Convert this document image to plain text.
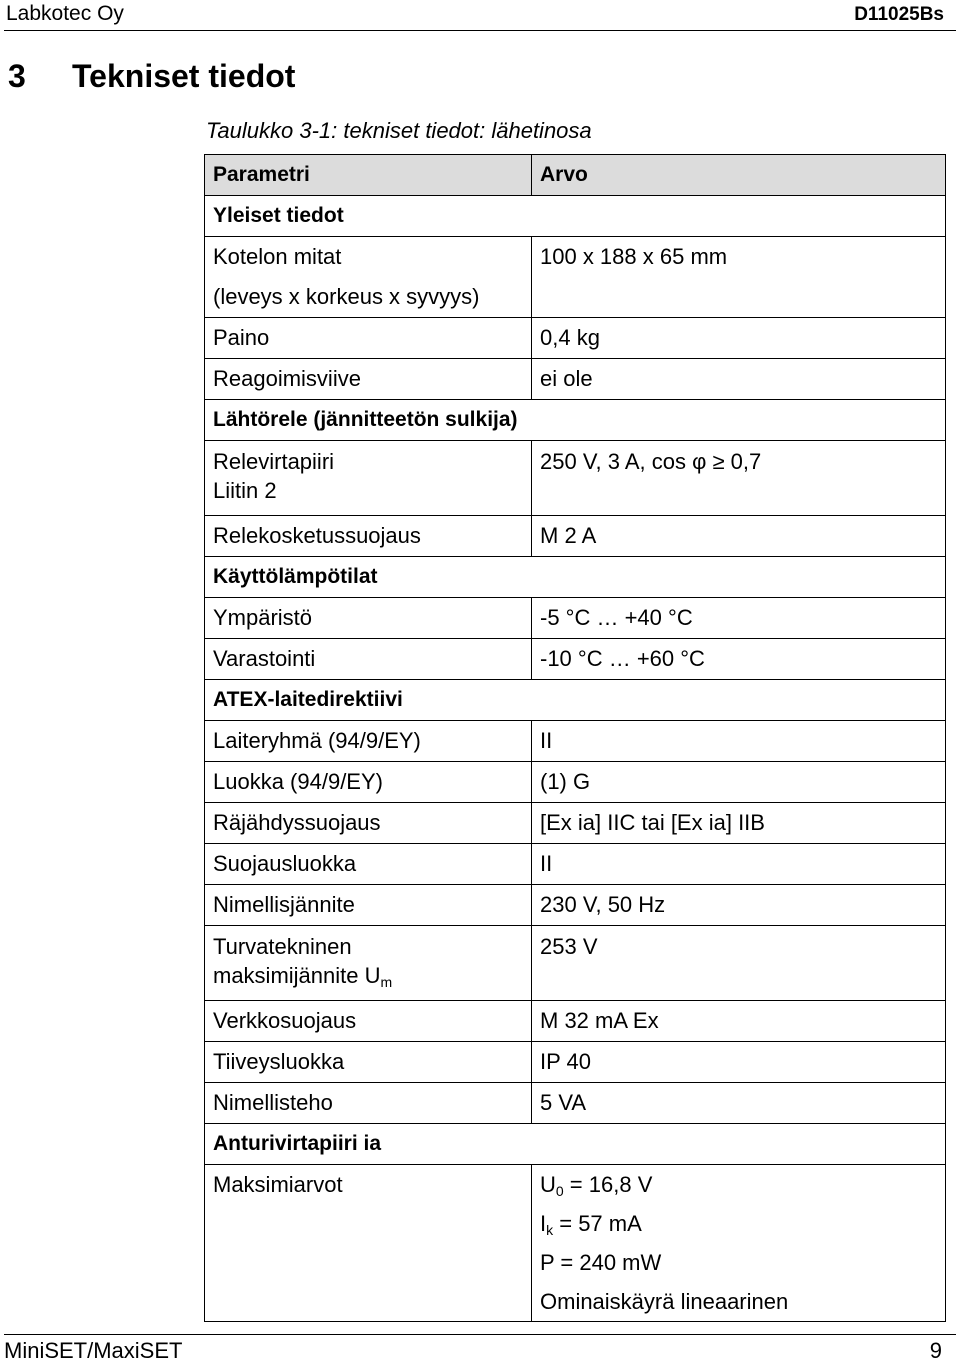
Labkotec Oy	D11025Bs
3 Tekniset tiedot
Taulukko 3-1: tekniset tiedot: lähetinosa
Parametri	Arvo
Yleiset tiedot	
Kotelon mitat	100 x 188 x 65 mm
(leveys x korkeus x syvyys)	
Paino	0,4 kg
Reagoimisviive	ei ole
Lähtörele (jännitteetön sulkija)	
Relevirtapiiri
Liitin 2	250 V, 3 A, cos φ ≥ 0,7
Relekosketussuojaus	M 2 A
Käyttölämpötilat	
Ympäristö	-5 °C … +40 °C
Varastointi	-10 °C … +60 °C
ATEX-laitedirektiivi	
Laiteryhmä (94/9/EY)	II
Luokka (94/9/EY)	(1) G
Räjähdyssuojaus	[Ex ia] IIC tai [Ex ia] IIB
Suojausluokka	II
Nimellisjännite	230 V, 50 Hz
Turvatekninen
maksimijännite $U_m$	253 V
Verkkosuojaus	M 32 mA Ex
Tiiveysluokka	IP 40
Nimellisteho	5 VA
Anturivirtapiiri ia	
Maksimiarvot	$U_0 = 16,8$ V
$I_k = 57$ mA
P = 240 mW
Ominaiskäyrä lineaarinen
MiniSET/MaxiSET	9
